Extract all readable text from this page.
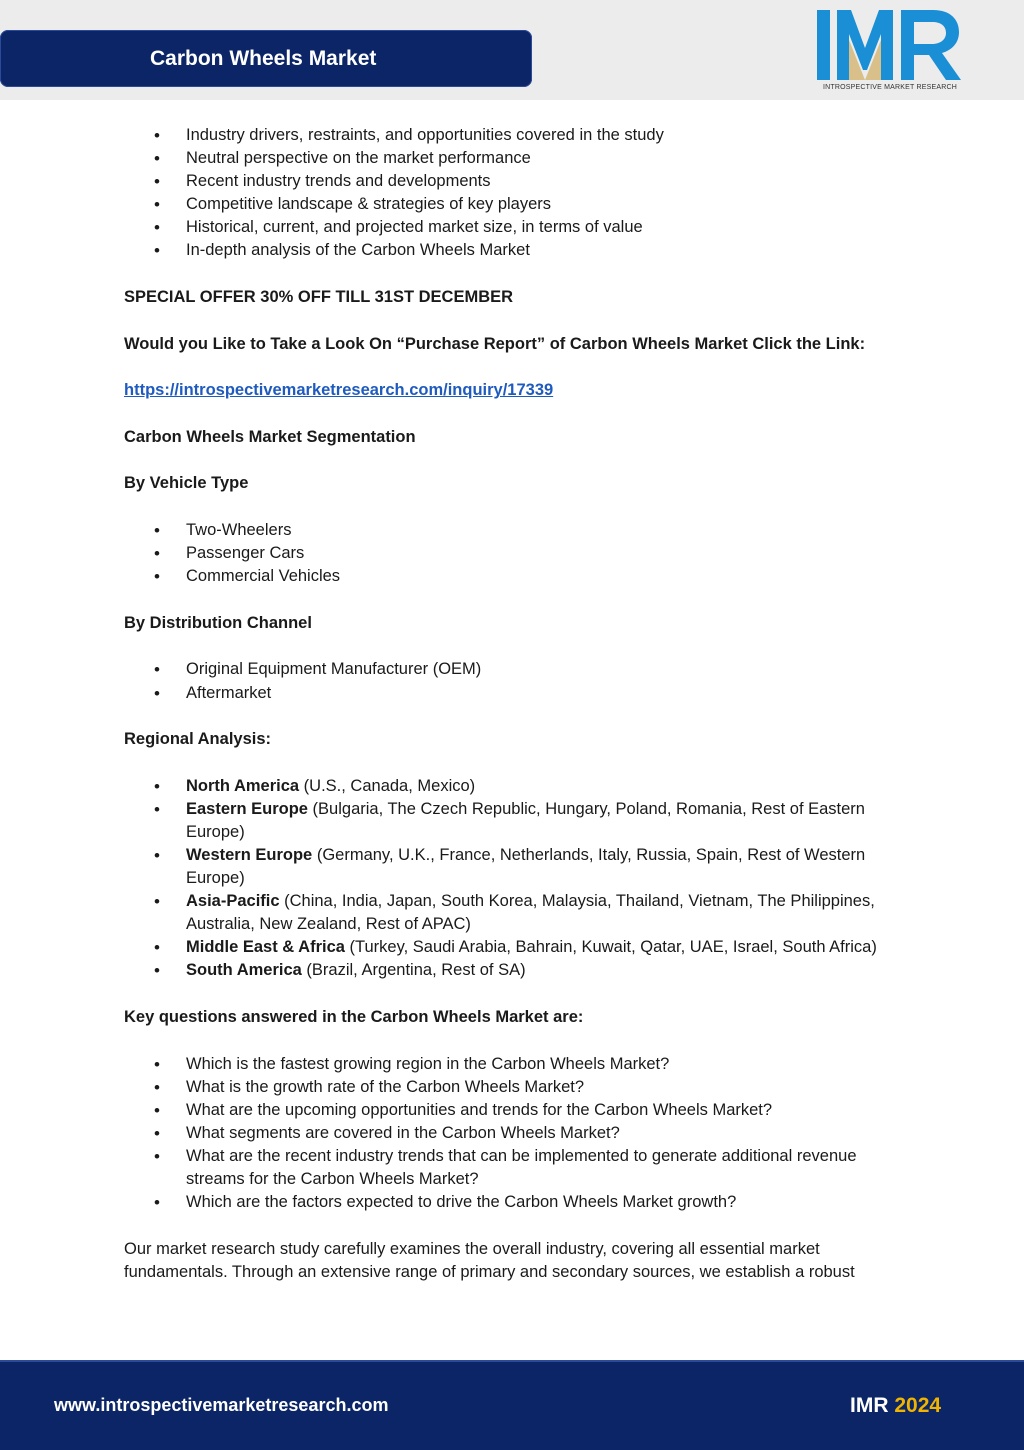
Carbon Wheels Market
INTROSPECTIVE MARKET RESEARCH
• Industry drivers, restraints, and opportunities covered in the study
• Neutral perspective on the market performance
• Recent industry trends and developments
• Competitive landscape & strategies of key players
• Historical, current, and projected market size, in terms of value
• In-depth analysis of the Carbon Wheels Market

SPECIAL OFFER 30% OFF TILL 31ST DECEMBER

Would you Like to Take a Look On “Purchase Report” of Carbon Wheels Market Click the Link:

https://introspectivemarketresearch.com/inquiry/17339

Carbon Wheels Market Segmentation

By Vehicle Type

• Two-Wheelers
• Passenger Cars
• Commercial Vehicles

By Distribution Channel

• Original Equipment Manufacturer (OEM)
• Aftermarket

Regional Analysis:

• North America (U.S., Canada, Mexico)
• Eastern Europe (Bulgaria, The Czech Republic, Hungary, Poland, Romania, Rest of Eastern Europe)
• Western Europe (Germany, U.K., France, Netherlands, Italy, Russia, Spain, Rest of Western Europe)
• Asia-Pacific (China, India, Japan, South Korea, Malaysia, Thailand, Vietnam, The Philippines, Australia, New Zealand, Rest of APAC)
• Middle East & Africa (Turkey, Saudi Arabia, Bahrain, Kuwait, Qatar, UAE, Israel, South Africa)
• South America (Brazil, Argentina, Rest of SA)

Key questions answered in the Carbon Wheels Market are:

• Which is the fastest growing region in the Carbon Wheels Market?
• What is the growth rate of the Carbon Wheels Market?
• What are the upcoming opportunities and trends for the Carbon Wheels Market?
• What segments are covered in the Carbon Wheels Market?
• What are the recent industry trends that can be implemented to generate additional revenue streams for the Carbon Wheels Market?
• Which are the factors expected to drive the Carbon Wheels Market growth?

Our market research study carefully examines the overall industry, covering all essential market fundamentals. Through an extensive range of primary and secondary sources, we establish a robust

www.introspectivemarketresearch.com	IMR 2024
